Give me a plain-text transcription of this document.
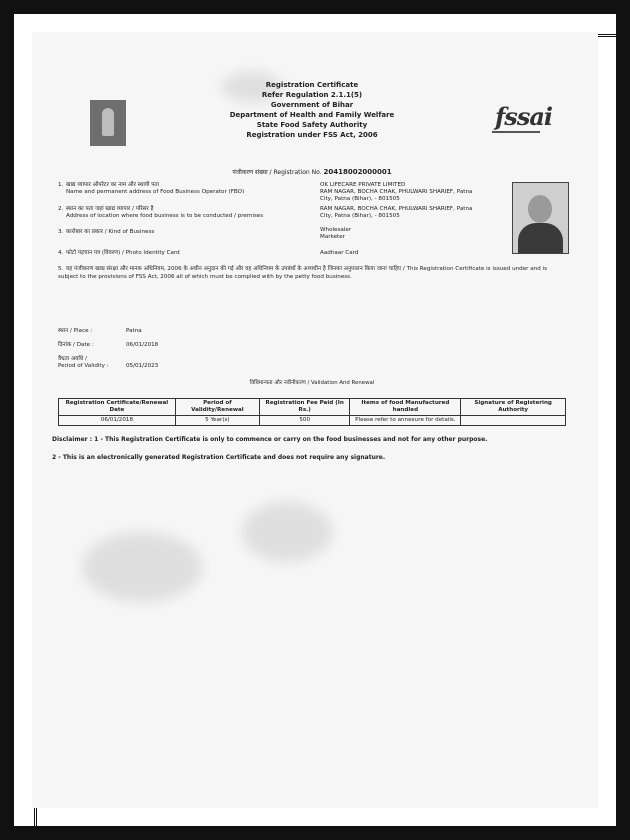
fssai
Registration Certificate
Refer Regulation 2.1.1(5)
Government of Bihar
Department of Health and Family Welfare
State Food Safety Authority
Registration under FSS Act, 2006
पंजीकरण संख्या / Registration No. 20418002000001
1. खाद्य व्यापार ऑपरेटर का नाम और स्थायी पता
Name and permanent address of Food Business Operator (FBO)
OK LIFECARE PRIVATE LIMITED
RAM NAGAR, BOCHA CHAK, PHULWARI SHARIEF, Patna
City, Patna (Bihar), - 801505
2. स्थान का पता जहां खाद्य व्यापार / परिसर है
Address of location where food business is to be conducted / premises
RAM NAGAR, BOCHA CHAK, PHULWARI SHARIEF, Patna
City, Patna (Bihar), - 801505
3. कारोबार का प्रकार / Kind of Business	Wholesaler
Marketer
4. फोटो पहचान पत्र (विवरण) / Photo Identity Card	Aadhaar Card
5. यह पंजीकरण खाद्य संरक्षा और मानक अधिनियम, 2006 के अधीन अनुदान की गई और वह अधिनियम के उपबंधों के अध्यधीन है जिनका अनुपालन किया जाना चाहिए / This Registration Certificate is issued under and is subject to the provisions of FSS Act, 2006 all of which must be complied with by the petty food business.
स्थान / Place :	Patna
दिनांक / Date :	06/01/2018
वैधता अवधि /
Period of Validity :	05/01/2023
विधिमान्यता और नवीनीकरण / Validation And Renewal
Registration Certificate/Renewal Date	Period of Validity/Renewal	Registration Fee Paid (In Rs.)	Items of food Manufactured handled	Signature of Registering Authority
06/01/2018	5 Year(s)	500	Please refer to annexure for details.	
Disclaimer : 1 - This Registration Certificate is only to commence or carry on the food businesses and not for any other purpose.
2 - This is an electronically generated Registration Certificate and does not require any signature.
